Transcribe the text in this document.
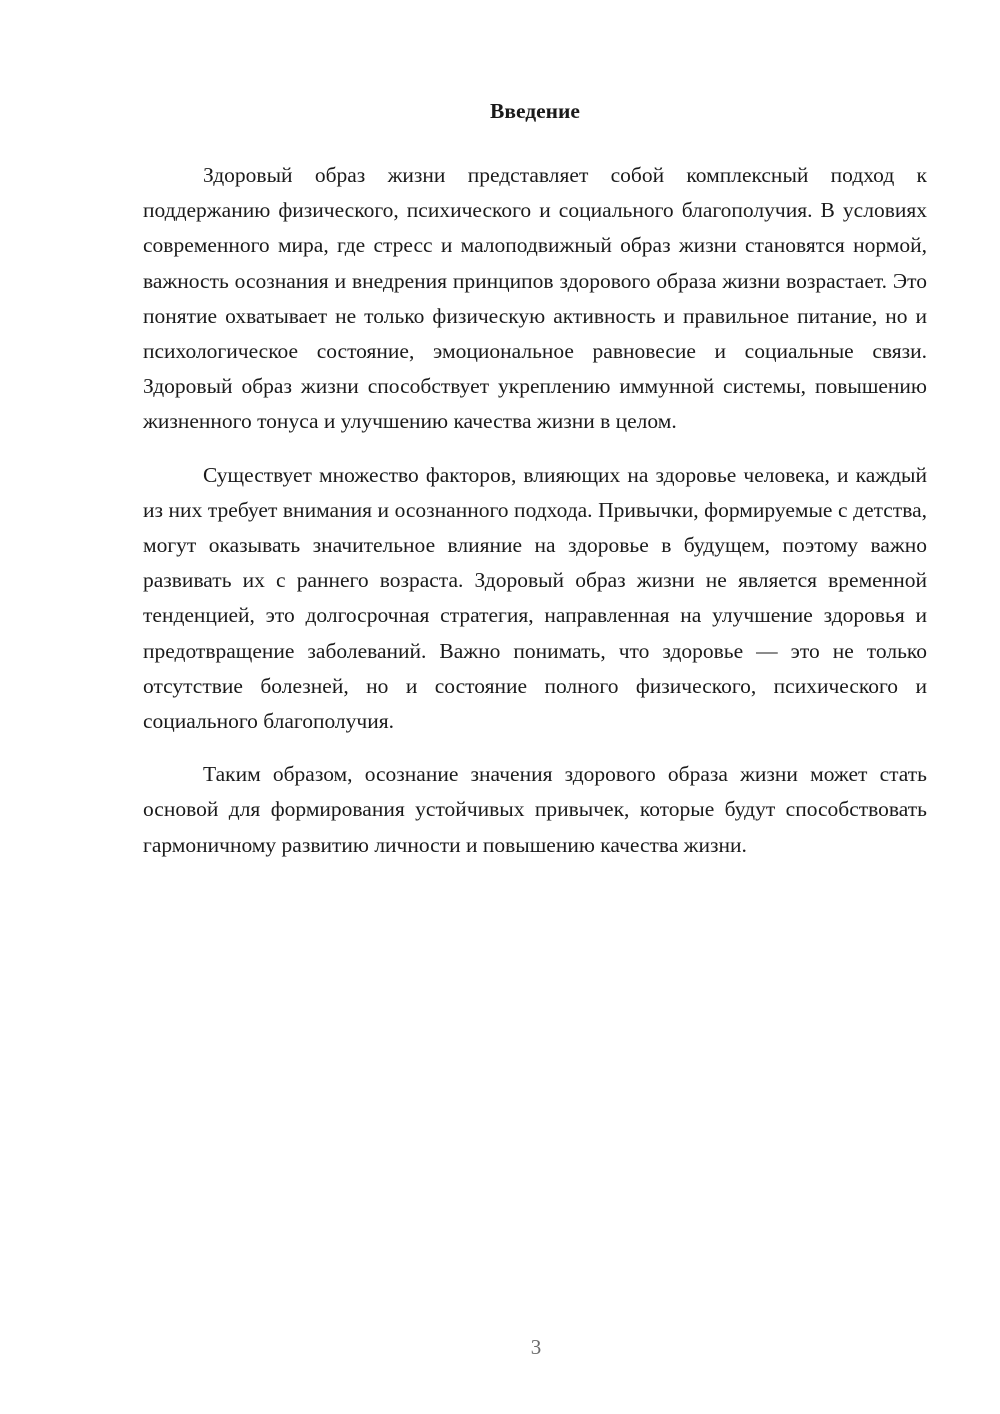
Введение

Здоровый образ жизни представляет собой комплексный подход к поддержанию физического, психического и социального благополучия. В условиях современного мира, где стресс и малоподвижный образ жизни становятся нормой, важность осознания и внедрения принципов здорового образа жизни возрастает. Это понятие охватывает не только физическую активность и правильное питание, но и психологическое состояние, эмоциональное равновесие и социальные связи. Здоровый образ жизни способствует укреплению иммунной системы, повышению жизненного тонуса и улучшению качества жизни в целом.

Существует множество факторов, влияющих на здоровье человека, и каждый из них требует внимания и осознанного подхода. Привычки, формируемые с детства, могут оказывать значительное влияние на здоровье в будущем, поэтому важно развивать их с раннего возраста. Здоровый образ жизни не является временной тенденцией, это долгосрочная стратегия, направленная на улучшение здоровья и предотвращение заболеваний. Важно понимать, что здоровье — это не только отсутствие болезней, но и состояние полного физического, психического и социального благополучия.

Таким образом, осознание значения здорового образа жизни может стать основой для формирования устойчивых привычек, которые будут способствовать гармоничному развитию личности и повышению качества жизни.

3
